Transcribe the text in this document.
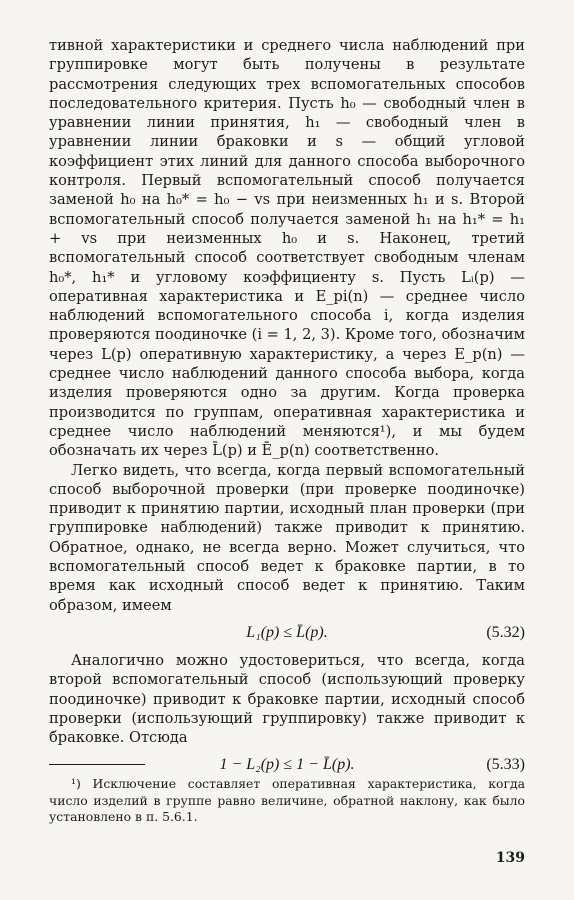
тивной характеристики и среднего числа наблюдений при группировке могут быть получены в результате рассмотрения следующих трех вспомогательных способов последовательного критерия. Пусть h₀ — свободный член в уравнении линии принятия, h₁ — свободный член в уравнении линии браковки и s — общий угловой коэффициент этих линий для данного способа выборочного контроля. Первый вспомогательный способ получается заменой h₀ на h₀* = h₀ − vs при неизменных h₁ и s. Второй вспомогательный способ получается заменой h₁ на h₁* = h₁ + vs при неизменных h₀ и s. Наконец, третий вспомогательный способ соответствует свободным членам h₀*, h₁* и угловому коэффициенту s. Пусть Lᵢ(p) — оперативная характеристика и E_pi(n) — среднее число наблюдений вспомогательного способа i, когда изделия проверяются поодиночке (i = 1, 2, 3). Кроме того, обозначим через L(p) оперативную характеристику, а через E_p(n) — среднее число наблюдений данного способа выбора, когда изделия проверяются одно за другим. Когда проверка производится по группам, оперативная характеристика и среднее число наблюдений меняются¹), и мы будем обозначать их через L̄(p) и Ē_p(n) соответственно.

Легко видеть, что всегда, когда первый вспомогательный способ выборочной проверки (при проверке поодиночке) приводит к принятию партии, исходный план проверки (при группировке наблюдений) также приводит к принятию. Обратное, однако, не всегда верно. Может случиться, что вспомогательный способ ведет к браковке партии, в то время как исходный способ ведет к принятию. Таким образом, имеем

L₁(p) ≤ L̄(p).	(5.32)

Аналогично можно удостовериться, что всегда, когда второй вспомогательный способ (использующий проверку поодиночке) приводит к браковке партии, исходный способ проверки (использующий группировку) также приводит к браковке. Отсюда

1 − L₂(p) ≤ 1 − L̄(p).	(5.33)

¹) Исключение составляет оперативная характеристика, когда число изделий в группе равно величине, обратной наклону, как было установлено в п. 5.6.1.

139
